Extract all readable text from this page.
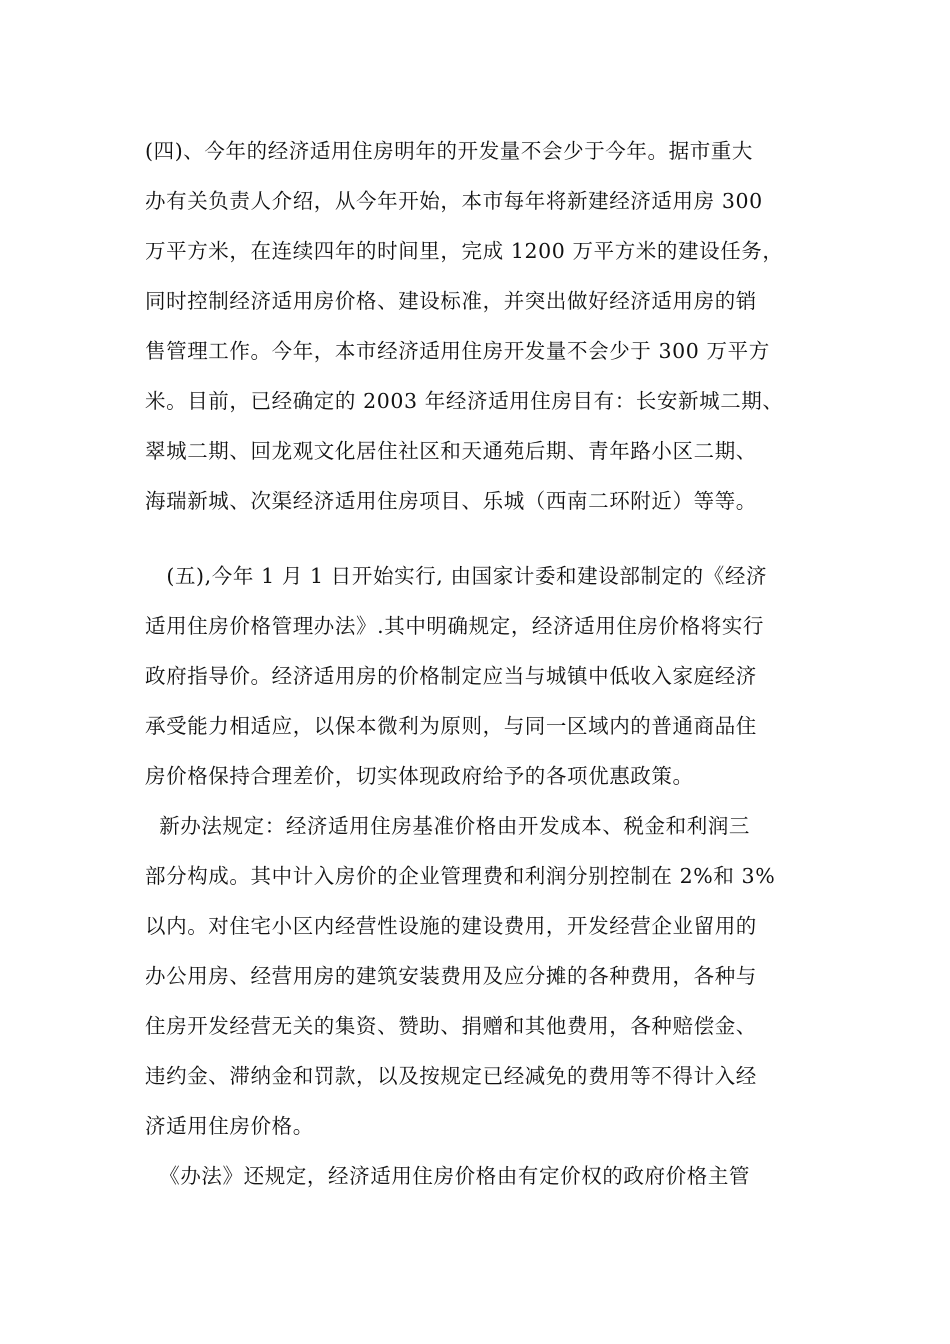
(四)、今年的经济适用住房明年的开发量不会少于今年。据市重大
办有关负责人介绍，从今年开始，本市每年将新建经济适用房 300
万平方米，在连续四年的时间里，完成 1200 万平方米的建设任务，
同时控制经济适用房价格、建设标准，并突出做好经济适用房的销
售管理工作。今年，本市经济适用住房开发量不会少于 300 万平方
米。目前，已经确定的 2003 年经济适用住房目有：长安新城二期、
翠城二期、回龙观文化居住社区和天通苑后期、青年路小区二期、
海瑞新城、次渠经济适用住房项目、乐城（西南二环附近）等等。
(五),今年 1 月 1 日开始实行, 由国家计委和建设部制定的《经济
适用住房价格管理办法》.其中明确规定，经济适用住房价格将实行
政府指导价。经济适用房的价格制定应当与城镇中低收入家庭经济
承受能力相适应，以保本微利为原则，与同一区域内的普通商品住
房价格保持合理差价，切实体现政府给予的各项优惠政策。
新办法规定：经济适用住房基准价格由开发成本、税金和利润三
部分构成。其中计入房价的企业管理费和利润分别控制在 2%和 3%
以内。对住宅小区内经营性设施的建设费用，开发经营企业留用的
办公用房、经营用房的建筑安装费用及应分摊的各种费用，各种与
住房开发经营无关的集资、赞助、捐赠和其他费用，各种赔偿金、
违约金、滞纳金和罚款，以及按规定已经减免的费用等不得计入经
济适用住房价格。
《办法》还规定，经济适用住房价格由有定价权的政府价格主管
